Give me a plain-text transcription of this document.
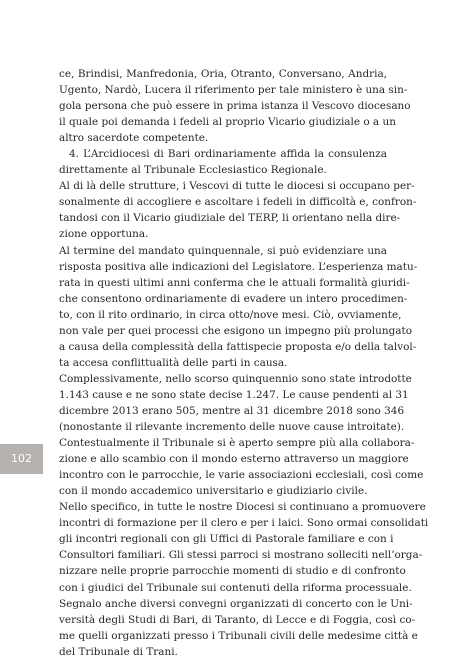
ce, Brindisi, Manfredonia, Oria, Otranto, Conversano, Andria,
Ugento, Nardò, Lucera il riferimento per tale ministero è una sin-
gola persona che può essere in prima istanza il Vescovo diocesano
il quale poi demanda i fedeli al proprio Vicario giudiziale o a un
altro sacerdote competente.
4. L’Arcidiocesi di Bari ordinariamente affida la consulenza
direttamente al Tribunale Ecclesiastico Regionale.
Al di là delle strutture, i Vescovi di tutte le diocesi si occupano per-
sonalmente di accogliere e ascoltare i fedeli in difficoltà e, confron-
tandosi con il Vicario giudiziale del TERP, li orientano nella dire-
zione opportuna.
Al termine del mandato quinquennale, si può evidenziare una
risposta positiva alle indicazioni del Legislatore. L’esperienza matu-
rata in questi ultimi anni conferma che le attuali formalità giuridi-
che consentono ordinariamente di evadere un intero procedimen-
to, con il rito ordinario, in circa otto/nove mesi. Ciò, ovviamente,
non vale per quei processi che esigono un impegno più prolungato
a causa della complessità della fattispecie proposta e/o della talvol-
ta accesa conflittualità delle parti in causa.
Complessivamente, nello scorso quinquennio sono state introdotte
1.143 cause e ne sono state decise 1.247. Le cause pendenti al 31
dicembre 2013 erano 505, mentre al 31 dicembre 2018 sono 346
(nonostante il rilevante incremento delle nuove cause introitate).
Contestualmente il Tribunale si è aperto sempre più alla collabora-
zione e allo scambio con il mondo esterno attraverso un maggiore
incontro con le parrocchie, le varie associazioni ecclesiali, così come
con il mondo accademico universitario e giudiziario civile.
Nello specifico, in tutte le nostre Diocesi si continuano a promuovere
incontri di formazione per il clero e per i laici. Sono ormai consolidati
gli incontri regionali con gli Uffici di Pastorale familiare e con i
Consultori familiari. Gli stessi parroci si mostrano solleciti nell’orga-
nizzare nelle proprie parrocchie momenti di studio e di confronto
con i giudici del Tribunale sui contenuti della riforma processuale.
Segnalo anche diversi convegni organizzati di concerto con le Uni-
versità degli Studi di Bari, di Taranto, di Lecce e di Foggia, così co-
me quelli organizzati presso i Tribunali civili delle medesime città e
del Tribunale di Trani.
102
